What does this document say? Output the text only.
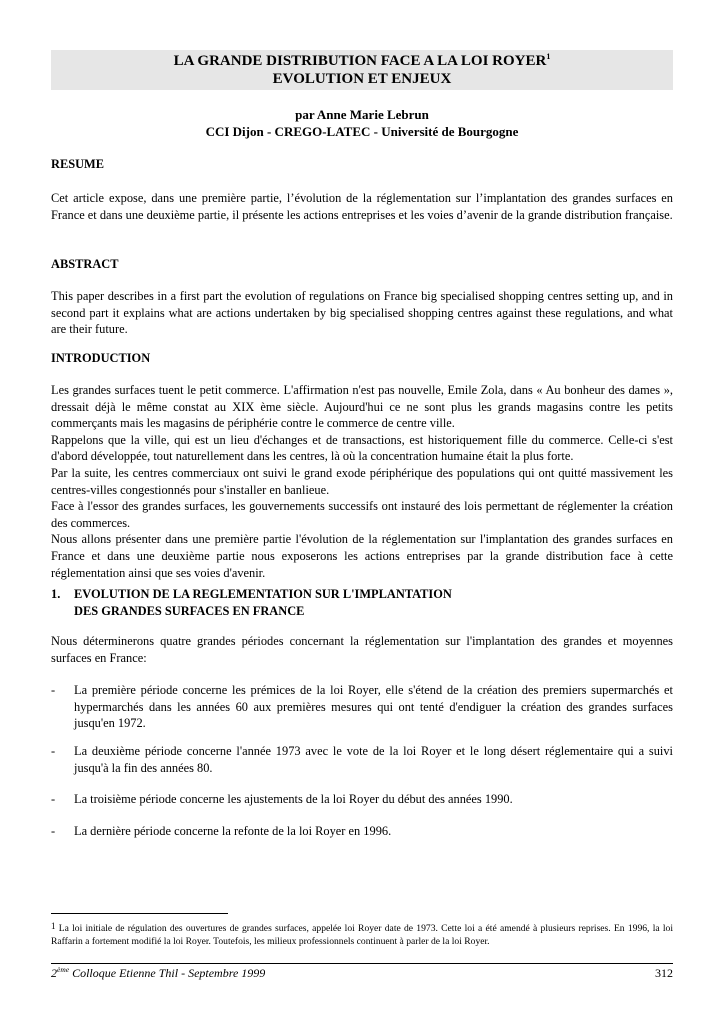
LA GRANDE DISTRIBUTION FACE A LA LOI ROYER$^1$
EVOLUTION ET ENJEUX
par Anne Marie Lebrun
CCI Dijon - CREGO-LATEC - Université de Bourgogne
RESUME
Cet article expose, dans une première partie, l’évolution de la réglementation sur l’implantation des grandes surfaces en France et dans une deuxième partie, il présente les actions entreprises et les voies d’avenir de la grande distribution française.
ABSTRACT
This paper describes in a first part the evolution of regulations on France big specialised shopping centres setting up, and in second part it explains what are actions undertaken by big specialised shopping centres against these regulations, and what are their future.
INTRODUCTION

Les grandes surfaces tuent le petit commerce. L'affirmation n'est pas nouvelle, Emile Zola, dans « Au bonheur des dames », dressait déjà le même constat au XIX ème siècle. Aujourd'hui ce ne sont plus les grands magasins contre les petits commerçants mais les magasins de périphérie contre le commerce de centre ville.

Rappelons que la ville, qui est un lieu d'échanges et de transactions, est historiquement fille du commerce. Celle-ci s'est d'abord développée, tout naturellement dans les centres, là où la concentration humaine était la plus forte.

Par la suite, les centres commerciaux ont suivi le grand exode périphérique des populations qui ont quitté massivement les centres-villes congestionnés pour s'installer en banlieue.

Face à l'essor des grandes surfaces, les gouvernements successifs ont instauré des lois permettant de réglementer la création des commerces.

Nous allons présenter dans une première partie l'évolution de la réglementation sur l'implantation des grandes surfaces en France et dans une deuxième partie nous exposerons les actions entreprises par la grande distribution face à cette réglementation ainsi que ses voies d'avenir.

1. EVOLUTION DE LA REGLEMENTATION SUR L'IMPLANTATION
DES GRANDES SURFACES EN FRANCE
Nous déterminerons quatre grandes périodes concernant la réglementation sur l'implantation des grandes et moyennes surfaces en France:
- La première période concerne les prémices de la loi Royer, elle s'étend de la création des premiers supermarchés et hypermarchés dans les années 60 aux premières mesures qui ont tenté d'endiguer la création des grandes surfaces jusqu'en 1972.
- La deuxième période concerne l'année 1973 avec le vote de la loi Royer et le long désert réglementaire qui a suivi jusqu'à la fin des années 80.
- La troisième période concerne les ajustements de la loi Royer du début des années 1990.
- La dernière période concerne la refonte de la loi Royer en 1996.
$^1$ La loi initiale de régulation des ouvertures de grandes surfaces, appelée loi Royer date de 1973. Cette loi a été amendé à plusieurs reprises. En 1996, la loi Raffarin a fortement modifié la loi Royer. Toutefois, les milieux professionnels continuent à parler de la loi Royer.
2ème Colloque Etienne Thil - Septembre 1999	312
